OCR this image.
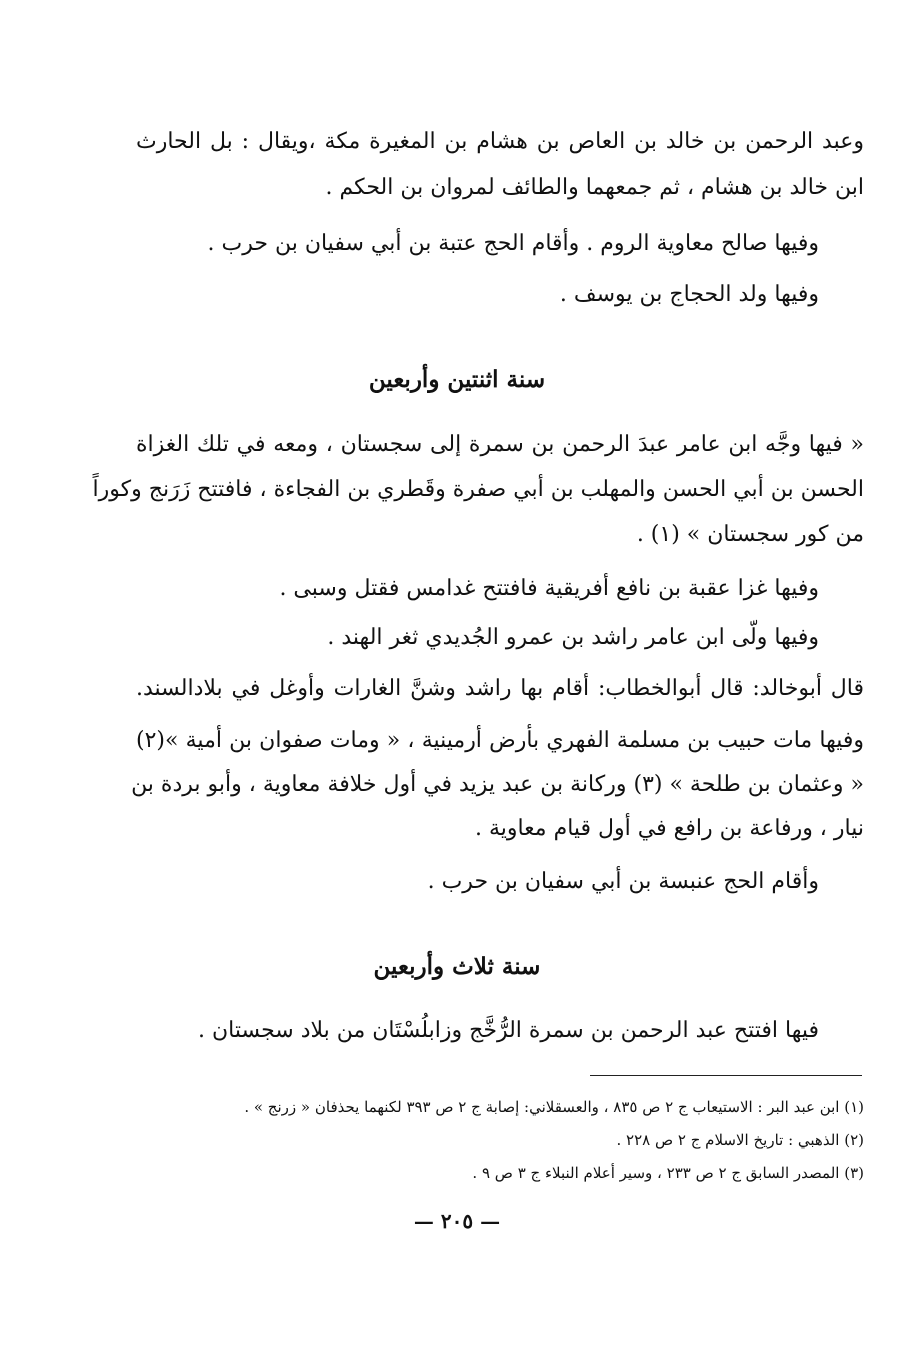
وعبد الرحمن بن خالد بن العاص بن هشام بن المغيرة مكة ،ويقال : بل الحارث
ابن خالد بن هشام ، ثم جمعهما والطائف لمروان بن الحكم .
وفيها صالح معاوية الروم . وأقام الحج عتبة بن أبي سفيان بن حرب .
وفيها ولد الحجاج بن يوسف .
سنة اثنتين وأربعين
« فيها وجَّه ابن عامر عبدَ الرحمن بن سمرة إلى سجستان ، ومعه في تلك الغزاة
الحسن بن أبي الحسن والمهلب بن أبي صفرة وقَطري بن الفجاءة ، فافتتح زَرَنج وكوراً
من كور سجستان » (١) .
وفيها غزا عقبة بن نافع أفريقية فافتتح غدامس فقتل وسبى .
وفيها ولّى ابن عامر راشد بن عمرو الجُديدي ثغر الهند .
قال أبوخالد: قال أبوالخطاب: أقام بها راشد وشنَّ الغارات وأوغل في بلادالسند.
وفيها مات حبيب بن مسلمة الفهري بأرض أرمينية ، « ومات صفوان بن أمية »(٢)
« وعثمان بن طلحة » (٣) وركانة بن عبد يزيد في أول خلافة معاوية ، وأبو بردة بن
نيار ، ورفاعة بن رافع في أول قيام معاوية .
وأقام الحج عنبسة بن أبي سفيان بن حرب .
سنة ثلاث وأربعين
فيها افتتح عبد الرحمن بن سمرة الرُّخَّج وزابلُسْتَان من بلاد سجستان .
(١) ابن عبد البر : الاستيعاب ج ٢ ص ٨٣٥ ، والعسقلاني: إصابة ج ٢ ص ٣٩٣ لكنهما يحذفان « زرنج » .
(٢) الذهبي : تاريخ الاسلام ج ٢ ص ٢٢٨ .
(٣) المصدر السابق ج ٢ ص ٢٣٣ ، وسير أعلام النبلاء ج ٣ ص ٩ .
— ٢٠٥ —
